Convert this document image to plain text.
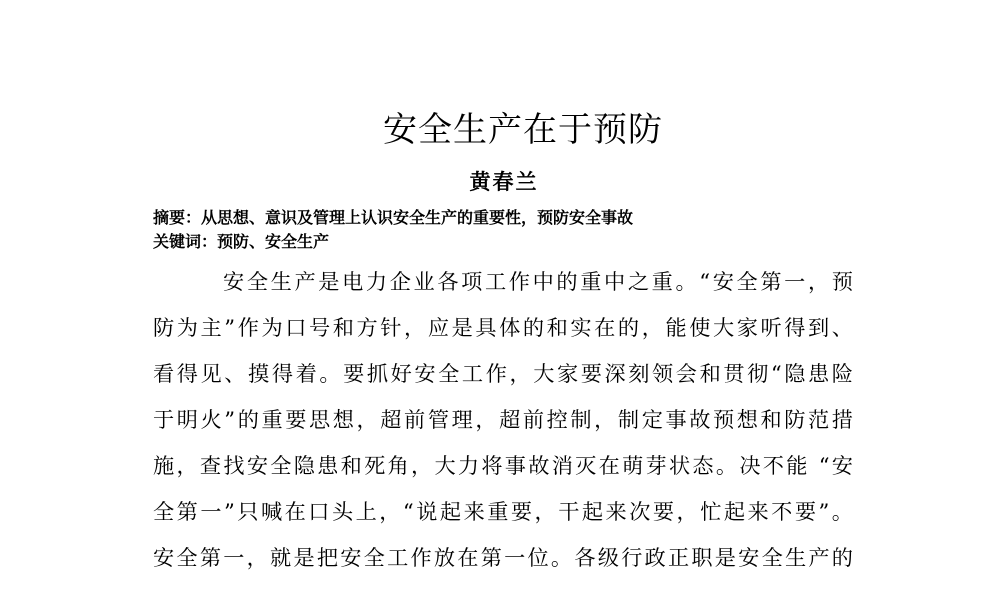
安全生产在于预防
黄春兰
摘要：从思想、意识及管理上认识安全生产的重要性，预防安全事故
关键词：预防、安全生产
安全生产是电力企业各项工作中的重中之重。“安全第一，预
防为主”作为口号和方针，应是具体的和实在的，能使大家听得到、
看得见、摸得着。要抓好安全工作，大家要深刻领会和贯彻“隐患险
于明火”的重要思想，超前管理，超前控制，制定事故预想和防范措
施，查找安全隐患和死角，大力将事故消灭在萌芽状态。决不能 “安
全第一”只喊在口头上，“说起来重要，干起来次要，忙起来不要”。
安全第一，就是把安全工作放在第一位。各级行政正职是安全生产的
